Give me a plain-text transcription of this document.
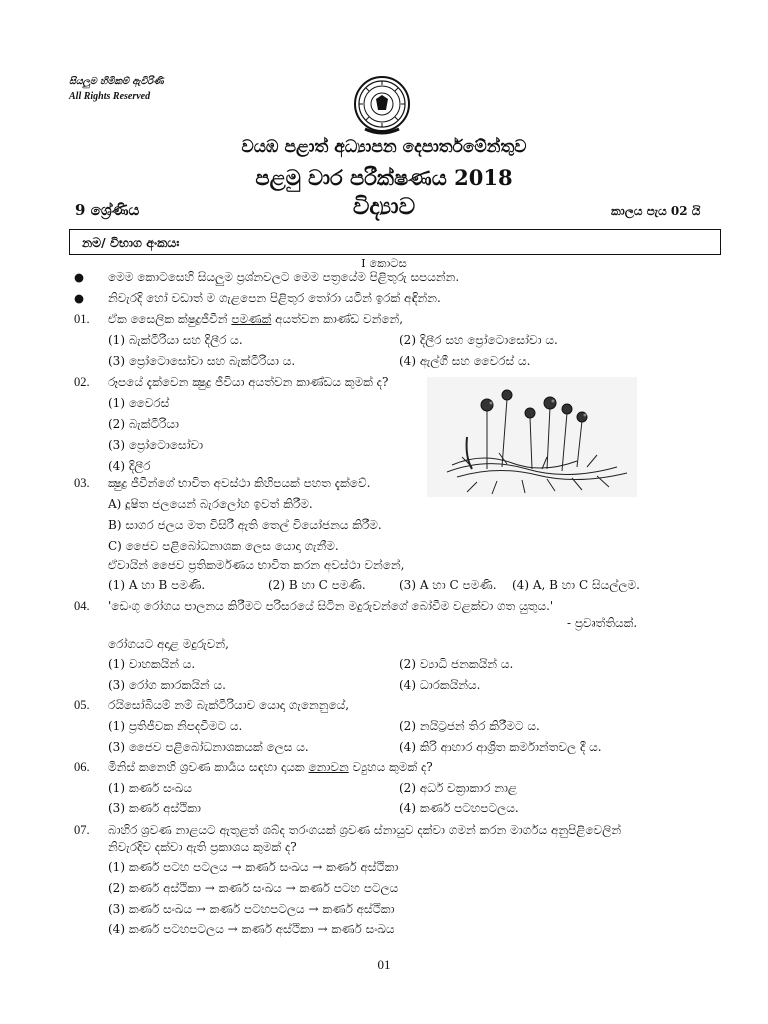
සියලුම හිමිකම් ඇවිරිණි
All Rights Reserved
වයඹ පළාත් අධ්‍යාපන දෙපාර්තමේන්තුව
පළමු වාර පරීක්ෂණය 2018
9 ශ්‍රේණිය	විද්‍යාව	කාලය පැය 02 යි
නම/ විභාග අංකයඃ
I කොටස
● මෙම කොටසෙහි සියලුම ප්‍රශ්නවලට මෙම පත්‍රයේම පිළිතුරු සපයන්න.
● නිවැරදි හෝ වඩාත් ම ගැළපෙන පිළිතුර තෝරා යටින් ඉරක් අඳින්න.
01. ඒක සෛලික ක්ෂුද්‍රජීවීන් පමණක් අයත්වන කාණ්ඩ වන්නේ,
(1) බැක්ටීරියා සහ දිලීර ය.	(2) දිලීර සහ ප්‍රෝටොසෝවා ය.
(3) ප්‍රෝටොසෝවා සහ බැක්ටීරියා ය.	(4) ඇල්ගී සහ වෛරස් ය.
02. රූපයේ දැක්වෙන ක්‍ෂුද්‍ර ජීවියා අයත්වන කාණ්ඩය කුමක් ද?
(1) වෛරස්
(2) බැක්ටීරියා
(3) ප්‍රෝටොසෝවා
(4) දිලීර
03. ක්‍ෂුද්‍ර ජීවීන්ගේ භාවිත අවස්ථා කිහිපයක් පහත දැක්වේ.
A) දූෂිත ජලයෙන් බැරලෝහ ඉවත් කිරීම.
B) සාගර ජලය මත විසිරී ඇති තෙල් වියෝජනය කිරීම.
C) ජෛව පළිබෝධනාශක ලෙස යොදා ගැනීම.
ඒවායින් ජෛව ප්‍රතිකර්මණය භාවිත කරන අවස්ථා වන්නේ,
(1) A හා B පමණි.	(2) B හා C පමණි.	(3) A හා C පමණි. (4) A, B හා C සියල්ලම.
04. 'ඩෙංගු රෝගය පාලනය කිරීමට පරිසරයේ සිටින මදුරුවන්ගේ බෝවීම වළක්වා ගත යුතුය.'
- ප්‍රවෘත්තියක්.
රෝගයට අදාළ මදුරුවන්,
(1) වාහකයින් ය.	(2) ව්‍යාධි ජනකයින් ය.
(3) රෝග කාරකයින් ය.	(4) ධාරකයින්ය.
05. රයිසෝබියම් නම් බැක්ටීරියාව යොදා ගැනෙනුයේ,
(1) ප්‍රතිජීවක නිපදවීමට ය.	(2) නයිට්‍රජන් තිර කිරීමට ය.
(3) ජෛව පළිබෝධනාශකයක් ලෙස ය.	(4) කිරි ආහාර ආශ්‍රිත කර්මාන්තවල දී ය.
06. මිනිස් කනෙහි ශ්‍රවණ කාර්‍යය සඳහා දායක නොවන ව්‍යුහය කුමක් ද?
(1) කර්ණ සංඛය	(2) අර්ධ චක්‍රාකාර නාළ
(3) කර්ණ අස්ථිකා	(4) කර්ණ පටහපටලය.
07. බාහිර ශ්‍රවණ නාළයට ඇතුළත් ශබ්ද තරංගයක් ශ්‍රවණ ස්නායුව දක්වා ගමන් කරන මාර්ගය අනුපිළිවෙලින්
නිවැරදිව දක්වා ඇති ප්‍රකාශය කුමක් ද?
(1) කර්ණ පටහ පටලය → කර්ණ සංඛය → කර්ණ අස්ථිකා
(2) කර්ණ අස්ථිකා → කර්ණ සංඛය → කර්ණ පටහ පටලය
(3) කර්ණ සංඛය → කර්ණ පටහපටලය → කර්ණ අස්ථිකා
(4) කර්ණ පටහපටලය → කර්ණ අස්ථිකා → කර්ණ සංඛය
01
